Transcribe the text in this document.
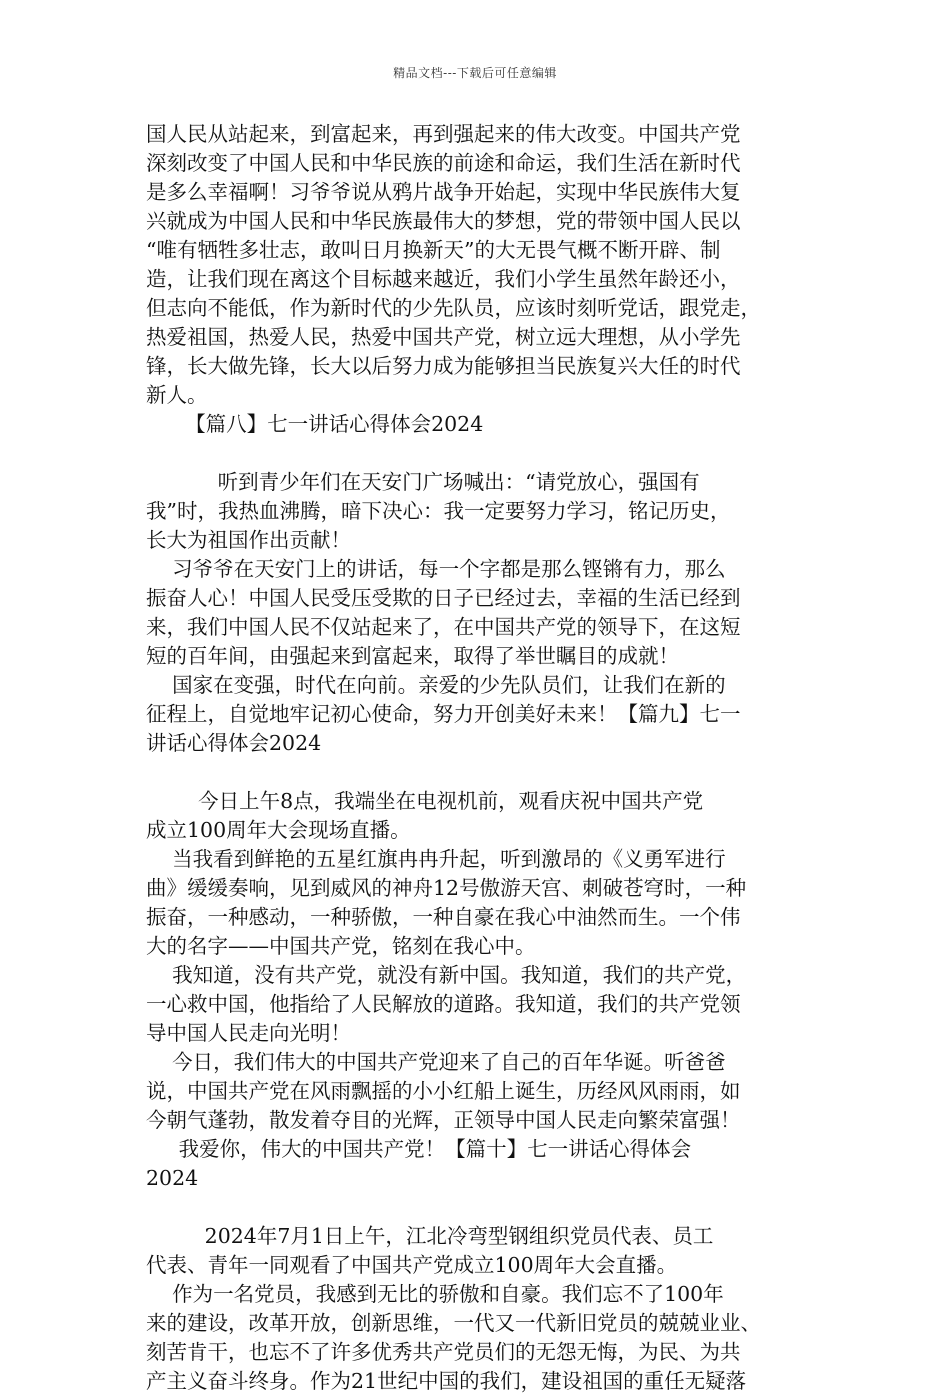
精品文档---下载后可任意编辑
国人民从站起来，到富起来，再到强起来的伟大改变。中国共产党
深刻改变了中国人民和中华民族的前途和命运，我们生活在新时代
是多么幸福啊！习爷爷说从鸦片战争开始起，实现中华民族伟大复
兴就成为中国人民和中华民族最伟大的梦想，党的带领中国人民以
“唯有牺牲多壮志，敢叫日月换新天”的大无畏气概不断开辟、制
造，让我们现在离这个目标越来越近，我们小学生虽然年龄还小，
但志向不能低，作为新时代的少先队员，应该时刻听党话，跟党走，
热爱祖国，热爱人民，热爱中国共产党，树立远大理想，从小学先
锋，长大做先锋，长大以后努力成为能够担当民族复兴大任的时代
新人。
【篇八】七一讲话心得体会2024
听到青少年们在天安门广场喊出：“请党放心，强国有
我”时，我热血沸腾，暗下决心：我一定要努力学习，铭记历史，
长大为祖国作出贡献！
习爷爷在天安门上的讲话，每一个字都是那么铿锵有力，那么
振奋人心！中国人民受压受欺的日子已经过去，幸福的生活已经到
来，我们中国人民不仅站起来了，在中国共产党的领导下，在这短
短的百年间，由强起来到富起来，取得了举世瞩目的成就！
国家在变强，时代在向前。亲爱的少先队员们，让我们在新的
征程上，自觉地牢记初心使命，努力开创美好未来！【篇九】七一
讲话心得体会2024
今日上午8点，我端坐在电视机前，观看庆祝中国共产党
成立100周年大会现场直播。
当我看到鲜艳的五星红旗冉冉升起，听到激昂的《义勇军进行
曲》缓缓奏响，见到威风的神舟12号傲游天宫、刺破苍穹时，一种
振奋，一种感动，一种骄傲，一种自豪在我心中油然而生。一个伟
大的名字——中国共产党，铭刻在我心中。
我知道，没有共产党，就没有新中国。我知道，我们的共产党，
一心救中国，他指给了人民解放的道路。我知道，我们的共产党领
导中国人民走向光明！
今日，我们伟大的中国共产党迎来了自己的百年华诞。听爸爸
说，中国共产党在风雨飘摇的小小红船上诞生，历经风风雨雨，如
今朝气蓬勃，散发着夺目的光辉，正领导中国人民走向繁荣富强！
我爱你，伟大的中国共产党！【篇十】七一讲话心得体会
2024
2024年7月1日上午，江北冷弯型钢组织党员代表、员工
代表、青年一同观看了中国共产党成立100周年大会直播。
作为一名党员，我感到无比的骄傲和自豪。我们忘不了100年
来的建设，改革开放，创新思维，一代又一代新旧党员的兢兢业业、
刻苦肯干，也忘不了许多优秀共产党员们的无怨无悔，为民、为共
产主义奋斗终身。作为21世纪中国的我们，建设祖国的重任无疑落
